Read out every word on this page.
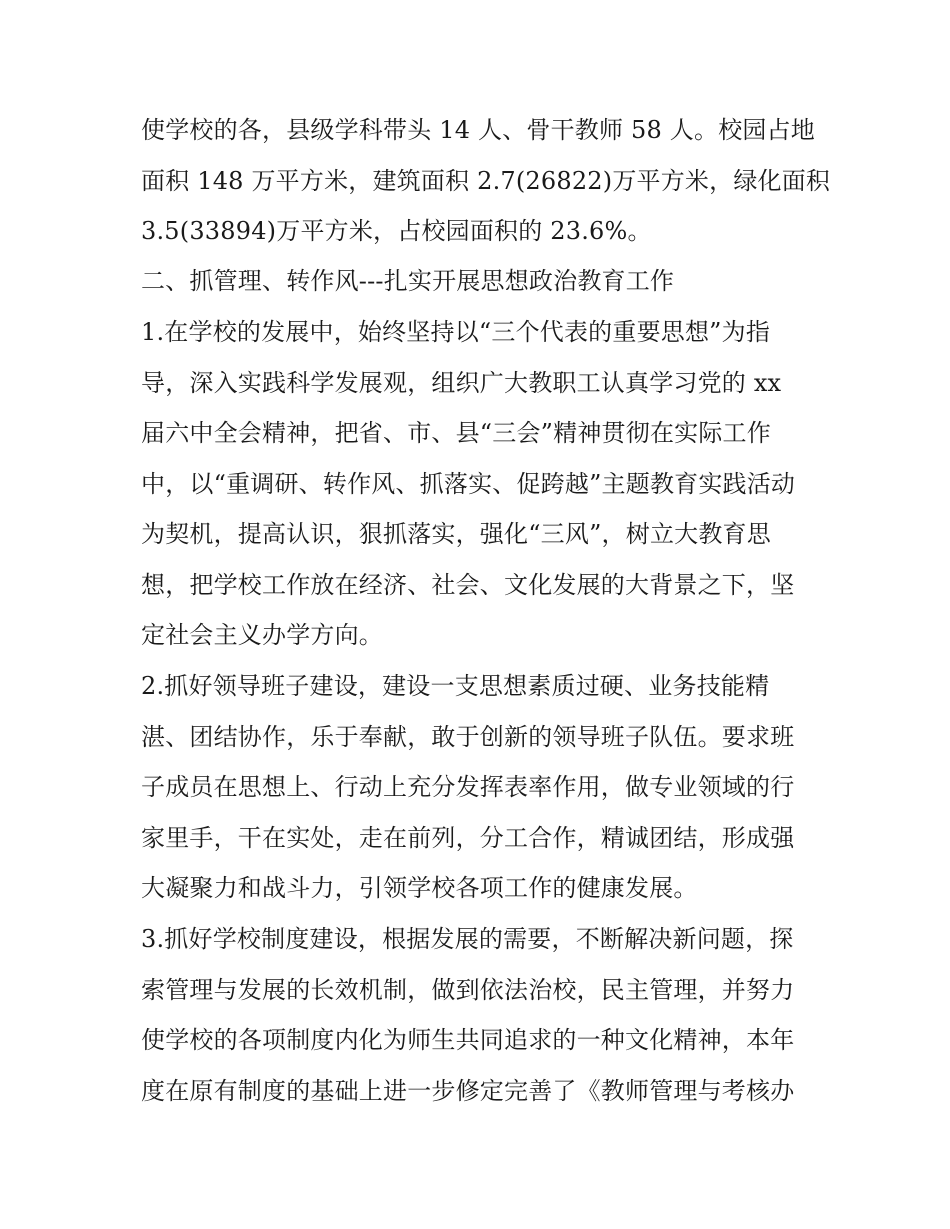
使学校的各，县级学科带头 14 人、骨干教师 58 人。校园占地
面积 148 万平方米，建筑面积 2.7(26822)万平方米，绿化面积
3.5(33894)万平方米，占校园面积的 23.6%。
二、抓管理、转作风---扎实开展思想政治教育工作
1.在学校的发展中，始终坚持以“三个代表的重要思想”为指
导，深入实践科学发展观，组织广大教职工认真学习党的 xx
届六中全会精神，把省、市、县“三会”精神贯彻在实际工作
中，以“重调研、转作风、抓落实、促跨越”主题教育实践活动
为契机，提高认识，狠抓落实，强化“三风”，树立大教育思
想，把学校工作放在经济、社会、文化发展的大背景之下，坚
定社会主义办学方向。
2.抓好领导班子建设，建设一支思想素质过硬、业务技能精
湛、团结协作，乐于奉献，敢于创新的领导班子队伍。要求班
子成员在思想上、行动上充分发挥表率作用，做专业领域的行
家里手，干在实处，走在前列，分工合作，精诚团结，形成强
大凝聚力和战斗力，引领学校各项工作的健康发展。
3.抓好学校制度建设，根据发展的需要，不断解决新问题，探
索管理与发展的长效机制，做到依法治校，民主管理，并努力
使学校的各项制度内化为师生共同追求的一种文化精神，本年
度在原有制度的基础上进一步修定完善了《教师管理与考核办
